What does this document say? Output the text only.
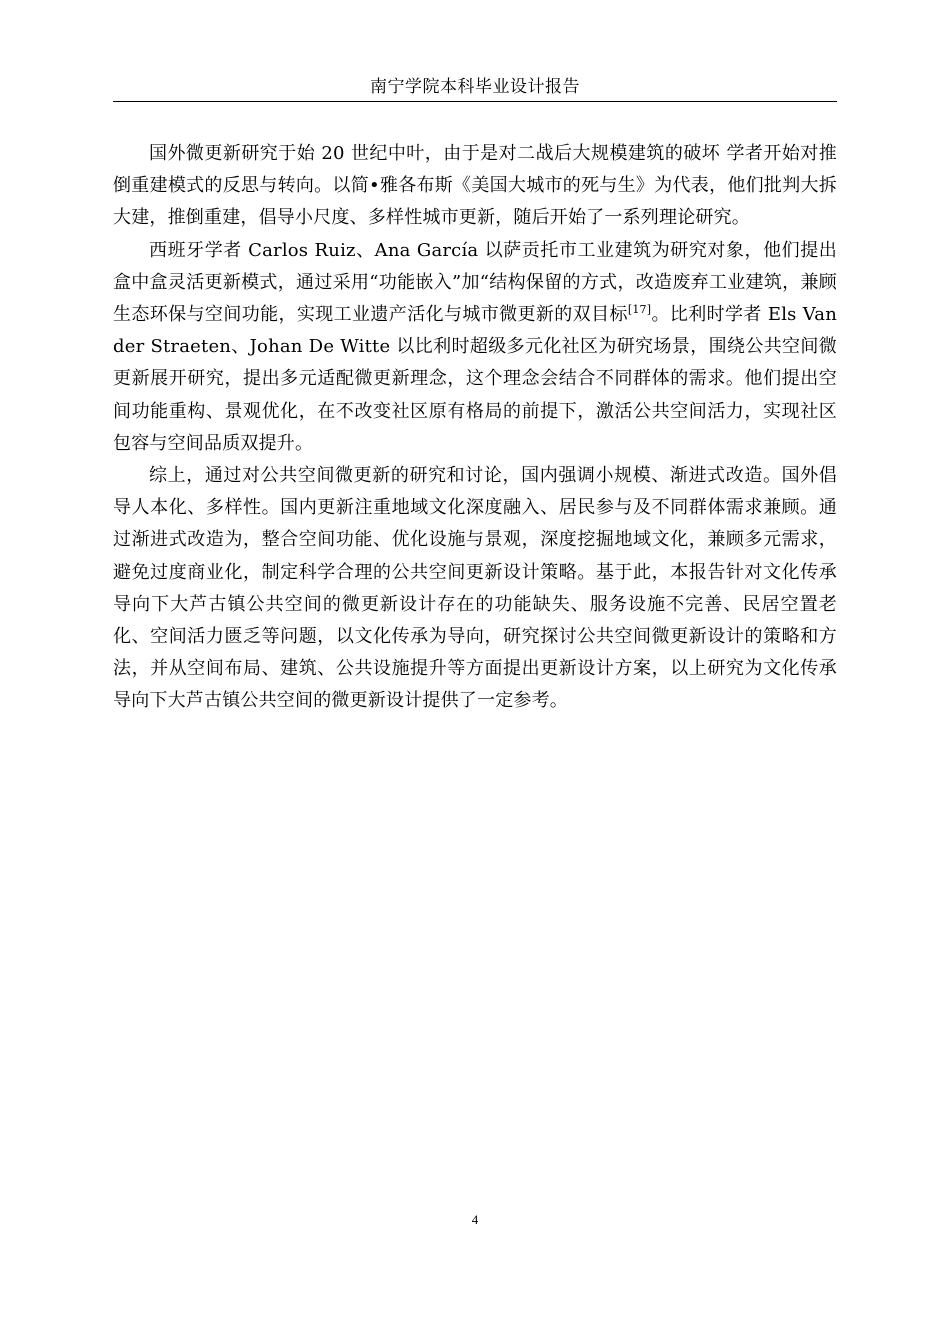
南宁学院本科毕业设计报告

国外微更新研究于始 20 世纪中叶，由于是对二战后大规模建筑的破坏 学者开始对推倒重建模式的反思与转向。以简•雅各布斯《美国大城市的死与生》为代表，他们批判大拆大建，推倒重建，倡导小尺度、多样性城市更新，随后开始了一系列理论研究。

西班牙学者 Carlos Ruiz、Ana García 以萨贡托市工业建筑为研究对象，他们提出盒中盒灵活更新模式，通过采用“功能嵌入”加“结构保留的方式，改造废弃工业建筑，兼顾生态环保与空间功能，实现工业遗产活化与城市微更新的双目标[17]。比利时学者 Els Van der Straeten、Johan De Witte 以比利时超级多元化社区为研究场景，围绕公共空间微更新展开研究，提出多元适配微更新理念，这个理念会结合不同群体的需求。他们提出空间功能重构、景观优化，在不改变社区原有格局的前提下，激活公共空间活力，实现社区包容与空间品质双提升。

综上，通过对公共空间微更新的研究和讨论，国内强调小规模、渐进式改造。国外倡导人本化、多样性。国内更新注重地域文化深度融入、居民参与及不同群体需求兼顾。通过渐进式改造为，整合空间功能、优化设施与景观，深度挖掘地域文化，兼顾多元需求，避免过度商业化，制定科学合理的公共空间更新设计策略。基于此，本报告针对文化传承导向下大芦古镇公共空间的微更新设计存在的功能缺失、服务设施不完善、民居空置老化、空间活力匮乏等问题，以文化传承为导向，研究探讨公共空间微更新设计的策略和方法，并从空间布局、建筑、公共设施提升等方面提出更新设计方案，以上研究为文化传承导向下大芦古镇公共空间的微更新设计提供了一定参考。

4
